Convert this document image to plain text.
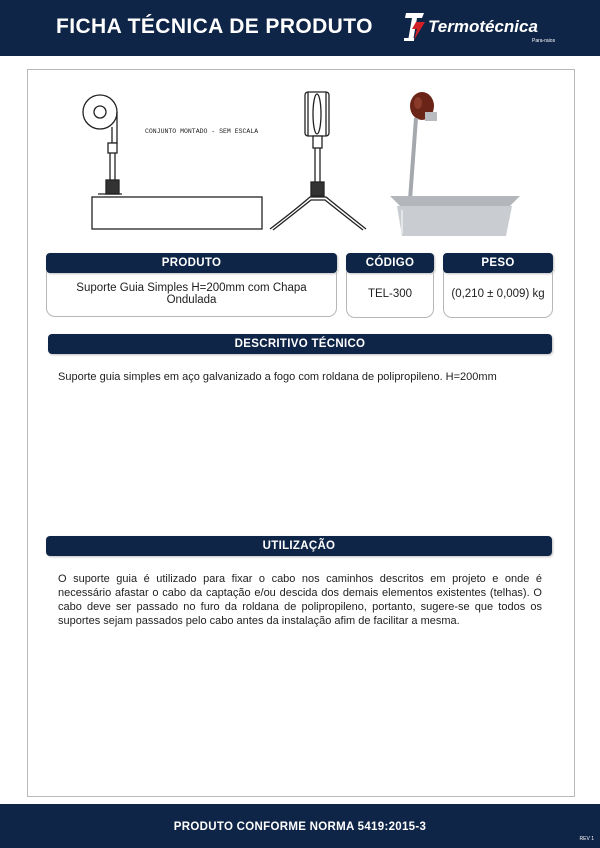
FICHA TÉCNICA DE PRODUTO	Termotécnica
Para-raios
CONJUNTO MONTADO - SEM ESCALA
PRODUTO
Suporte Guia Simples H=200mm com Chapa Ondulada
CÓDIGO
TEL-300
PESO
(0,210 ± 0,009) kg
DESCRITIVO TÉCNICO
Suporte guia simples em aço galvanizado a fogo com roldana de polipropileno. H=200mm
UTILIZAÇÃO
O suporte guia é utilizado para fixar o cabo nos caminhos descritos em projeto e onde é necessário afastar o cabo da captação e/ou descida dos demais elementos existentes (telhas). O cabo deve ser passado no furo da roldana de polipropileno, portanto, sugere-se que todos os suportes sejam passados pelo cabo antes da instalação afim de facilitar a mesma.
PRODUTO CONFORME NORMA 5419:2015-3
REV 1
